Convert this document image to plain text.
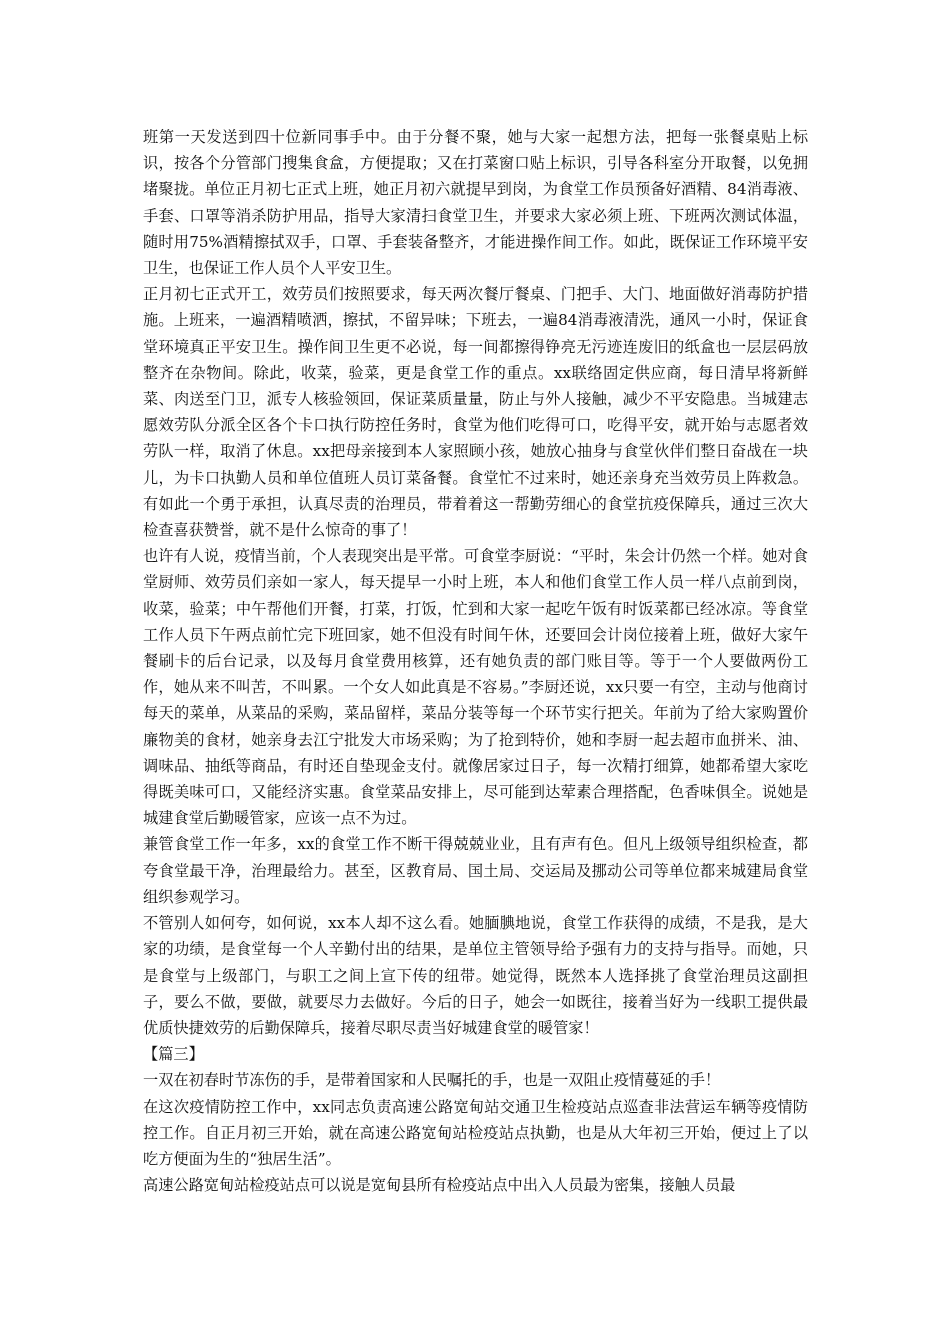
班第一天发送到四十位新同事手中。由于分餐不聚，她与大家一起想方法，把每一张餐桌贴上标识，按各个分管部门搜集食盒，方便提取；又在打菜窗口贴上标识，引导各科室分开取餐，以免拥堵聚拢。单位正月初七正式上班，她正月初六就提早到岗，为食堂工作员预备好酒精、84消毒液、手套、口罩等消杀防护用品，指导大家清扫食堂卫生，并要求大家必须上班、下班两次测试体温，随时用75%酒精擦拭双手，口罩、手套装备整齐，才能进操作间工作。如此，既保证工作环境平安卫生，也保证工作人员个人平安卫生。

正月初七正式开工，效劳员们按照要求，每天两次餐厅餐桌、门把手、大门、地面做好消毒防护措施。上班来，一遍酒精喷洒，擦拭，不留异味；下班去，一遍84消毒液清洗，通风一小时，保证食堂环境真正平安卫生。操作间卫生更不必说，每一间都擦得铮亮无污迹连废旧的纸盒也一层层码放整齐在杂物间。除此，收菜，验菜，更是食堂工作的重点。xx联络固定供应商，每日清早将新鲜菜、肉送至门卫，派专人核验领回，保证菜质量量，防止与外人接触，减少不平安隐患。当城建志愿效劳队分派全区各个卡口执行防控任务时，食堂为他们吃得可口，吃得平安，就开始与志愿者效劳队一样，取消了休息。xx把母亲接到本人家照顾小孩，她放心抽身与食堂伙伴们整日奋战在一块儿，为卡口执勤人员和单位值班人员订菜备餐。食堂忙不过来时，她还亲身充当效劳员上阵救急。有如此一个勇于承担，认真尽责的治理员，带着着这一帮勤劳细心的食堂抗疫保障兵，通过三次大检查喜获赞誉，就不是什么惊奇的事了！

也许有人说，疫情当前，个人表现突出是平常。可食堂李厨说：“平时，朱会计仍然一个样。她对食堂厨师、效劳员们亲如一家人，每天提早一小时上班，本人和他们食堂工作人员一样八点前到岗，收菜，验菜；中午帮他们开餐，打菜，打饭，忙到和大家一起吃午饭有时饭菜都已经冰凉。等食堂工作人员下午两点前忙完下班回家，她不但没有时间午休，还要回会计岗位接着上班，做好大家午餐刷卡的后台记录，以及每月食堂费用核算，还有她负责的部门账目等。等于一个人要做两份工作，她从来不叫苦，不叫累。一个女人如此真是不容易。”李厨还说，xx只要一有空，主动与他商讨每天的菜单，从菜品的采购，菜品留样，菜品分装等每一个环节实行把关。年前为了给大家购置价廉物美的食材，她亲身去江宁批发大市场采购；为了抢到特价，她和李厨一起去超市血拼米、油、调味品、抽纸等商品，有时还自垫现金支付。就像居家过日子，每一次精打细算，她都希望大家吃得既美味可口，又能经济实惠。食堂菜品安排上，尽可能到达荤素合理搭配，色香味俱全。说她是城建食堂后勤暖管家，应该一点不为过。

兼管食堂工作一年多，xx的食堂工作不断干得兢兢业业，且有声有色。但凡上级领导组织检查，都夸食堂最干净，治理最给力。甚至，区教育局、国土局、交运局及挪动公司等单位都来城建局食堂组织参观学习。

不管别人如何夸，如何说，xx本人却不这么看。她腼腆地说，食堂工作获得的成绩，不是我，是大家的功绩，是食堂每一个人辛勤付出的结果，是单位主管领导给予强有力的支持与指导。而她，只是食堂与上级部门，与职工之间上宣下传的纽带。她觉得，既然本人选择挑了食堂治理员这副担子，要么不做，要做，就要尽力去做好。今后的日子，她会一如既往，接着当好为一线职工提供最优质快捷效劳的后勤保障兵，接着尽职尽责当好城建食堂的暖管家！

【篇三】

一双在初春时节冻伤的手，是带着国家和人民嘱托的手，也是一双阻止疫情蔓延的手！

在这次疫情防控工作中，xx同志负责高速公路宽甸站交通卫生检疫站点巡查非法营运车辆等疫情防控工作。自正月初三开始，就在高速公路宽甸站检疫站点执勤，也是从大年初三开始，便过上了以吃方便面为生的“独居生活”。

高速公路宽甸站检疫站点可以说是宽甸县所有检疫站点中出入人员最为密集，接触人员最
